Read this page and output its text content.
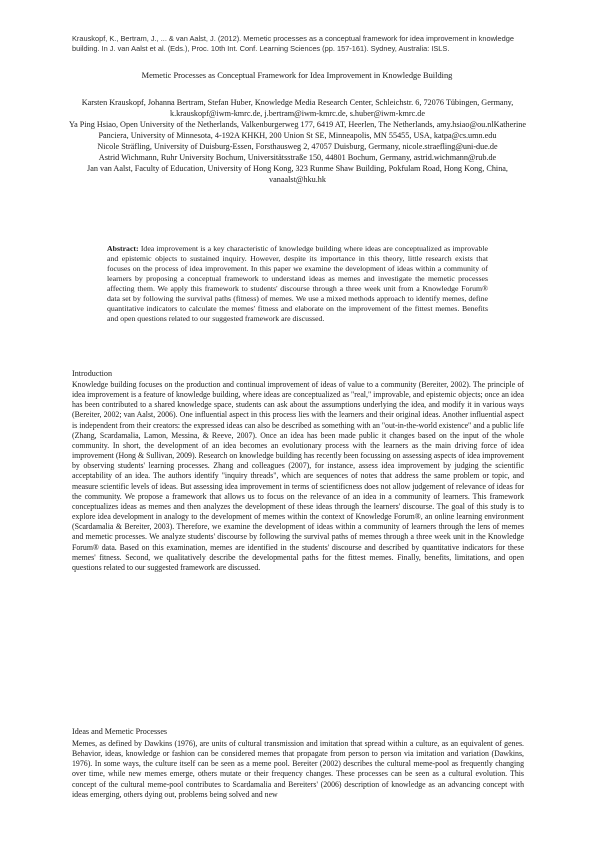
Krauskopf, K., Bertram, J., ... & van Aalst, J. (2012). Memetic processes as a conceptual framework for idea improvement in knowledge building. In J. van Aalst et al. (Eds.), Proc. 10th Int. Conf. Learning Sciences (pp. 157-161). Sydney, Australia: ISLS.
Memetic Processes as Conceptual Framework for Idea Improvement in Knowledge Building
Karsten Krauskopf, Johanna Bertram, Stefan Huber, Knowledge Media Research Center, Schleichstr. 6, 72076 Tübingen, Germany,
k.krauskopf@iwm-kmrc.de, j.bertram@iwm-kmrc.de, s.huber@iwm-kmrc.de
Ya Ping Hsiao, Open University of the Netherlands, Valkenburgerweg 177, 6419 AT, Heerlen, The Netherlands, amy.hsiao@ou.nlKatherine Panciera, University of Minnesota, 4-192A KHKH, 200 Union St SE, Minneapolis, MN 55455, USA, katpa@cs.umn.edu
Nicole Sträfling, University of Duisburg-Essen, Forsthausweg 2, 47057 Duisburg, Germany, nicole.straefling@uni-due.de
Astrid Wichmann, Ruhr University Bochum, Universitätsstraße 150, 44801 Bochum, Germany, astrid.wichmann@rub.de
Jan van Aalst, Faculty of Education, University of Hong Kong, 323 Runme Shaw Building, Pokfulam Road, Hong Kong, China, vanaalst@hku.hk
Abstract: Idea improvement is a key characteristic of knowledge building where ideas are conceptualized as improvable and epistemic objects to sustained inquiry. However, despite its importance in this theory, little research exists that focuses on the process of idea improvement. In this paper we examine the development of ideas within a community of learners by proposing a conceptual framework to understand ideas as memes and investigate the memetic processes affecting them. We apply this framework to students' discourse through a three week unit from a Knowledge Forum® data set by following the survival paths (fitness) of memes. We use a mixed methods approach to identify memes, define quantitative indicators to calculate the memes' fitness and elaborate on the improvement of the fittest memes. Benefits and open questions related to our suggested framework are discussed.
Introduction
Knowledge building focuses on the production and continual improvement of ideas of value to a community (Bereiter, 2002). The principle of idea improvement is a feature of knowledge building, where ideas are conceptualized as "real," improvable, and epistemic objects; once an idea has been contributed to a shared knowledge space, students can ask about the assumptions underlying the idea, and modify it in various ways (Bereiter, 2002; van Aalst, 2006). One influential aspect in this process lies with the learners and their original ideas. Another influential aspect is independent from their creators: the expressed ideas can also be described as something with an "out-in-the-world existence" and a public life (Zhang, Scardamalia, Lamon, Messina, & Reeve, 2007). Once an idea has been made public it changes based on the input of the whole community. In short, the development of an idea becomes an evolutionary process with the learners as the main driving force of idea improvement (Hong & Sullivan, 2009). Research on knowledge building has recently been focussing on assessing aspects of idea improvement by observing students' learning processes. Zhang and colleagues (2007), for instance, assess idea improvement by judging the scientific acceptability of an idea. The authors identify "inquiry threads", which are sequences of notes that address the same problem or topic, and measure scientific levels of ideas. But assessing idea improvement in terms of scientificness does not allow judgement of relevance of ideas for the community. We propose a framework that allows us to focus on the relevance of an idea in a community of learners. This framework conceptualizes ideas as memes and then analyzes the development of these ideas through the learners' discourse. The goal of this study is to explore idea development in analogy to the development of memes within the context of Knowledge Forum®, an online learning environment (Scardamalia & Bereiter, 2003). Therefore, we examine the development of ideas within a community of learners through the lens of memes and memetic processes. We analyze students' discourse by following the survival paths of memes through a three week unit in the Knowledge Forum® data. Based on this examination, memes are identified in the students' discourse and described by quantitative indicators for these memes' fitness. Second, we qualitatively describe the developmental paths for the fittest memes. Finally, benefits, limitations, and open questions related to our suggested framework are discussed.
Ideas and Memetic Processes
Memes, as defined by Dawkins (1976), are units of cultural transmission and imitation that spread within a culture, as an equivalent of genes. Behavior, ideas, knowledge or fashion can be considered memes that propagate from person to person via imitation and variation (Dawkins, 1976). In some ways, the culture itself can be seen as a meme pool. Bereiter (2002) describes the cultural meme-pool as frequently changing over time, while new memes emerge, others mutate or their frequency changes. These processes can be seen as a cultural evolution. This concept of the cultural meme-pool contributes to Scardamalia and Bereiters' (2006) description of knowledge as an advancing concept with ideas emerging, others dying out, problems being solved and new
